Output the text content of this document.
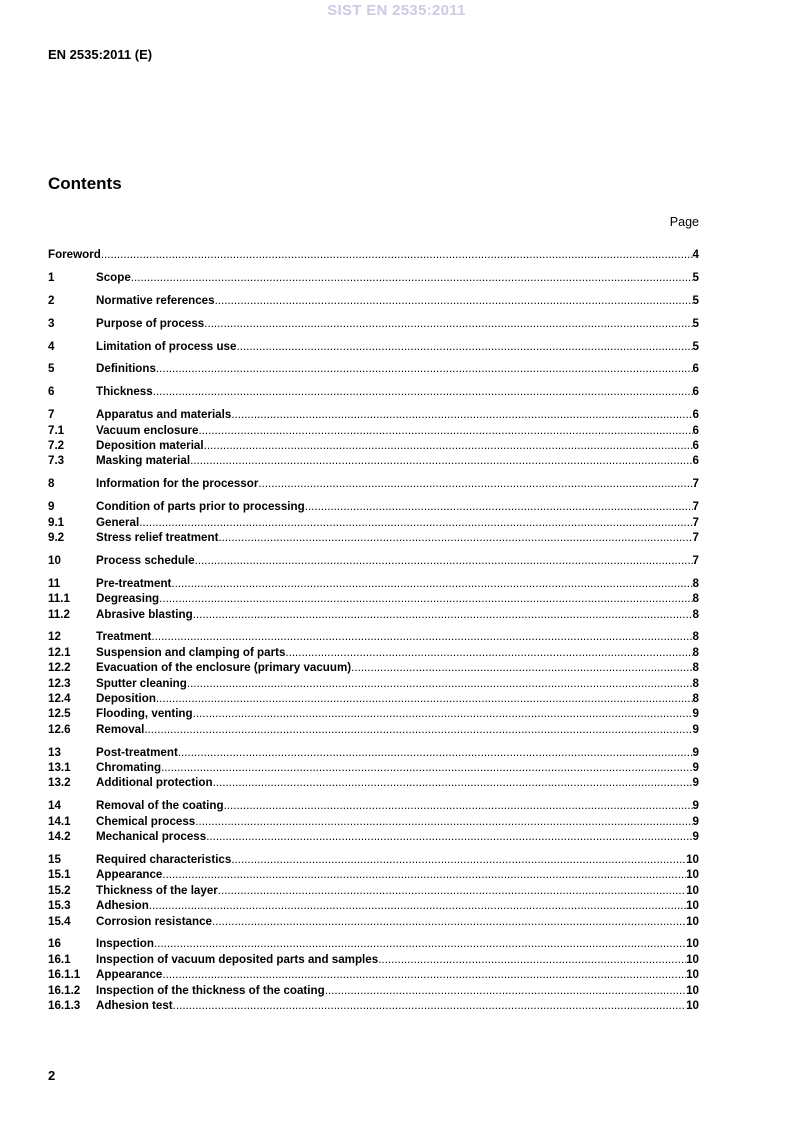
SIST EN 2535:2011
EN 2535:2011 (E)
Contents
Page
Foreword .....	4
1	Scope .....	5
2	Normative references .....	5
3	Purpose of process .....	5
4	Limitation of process use .....	5
5	Definitions .....	6
6	Thickness .....	6
7	Apparatus and materials .....	6
7.1	Vacuum enclosure .....	6
7.2	Deposition material .....	6
7.3	Masking material .....	6
8	Information for the processor .....	7
9	Condition of parts prior to processing .....	7
9.1	General .....	7
9.2	Stress relief treatment .....	7
10	Process schedule .....	7
11	Pre-treatment .....	8
11.1	Degreasing .....	8
11.2	Abrasive blasting .....	8
12	Treatment .....	8
12.1	Suspension and clamping of parts .....	8
12.2	Evacuation of the enclosure (primary vacuum) .....	8
12.3	Sputter cleaning .....	8
12.4	Deposition .....	8
12.5	Flooding, venting .....	9
12.6	Removal .....	9
13	Post-treatment .....	9
13.1	Chromating .....	9
13.2	Additional protection .....	9
14	Removal of the coating .....	9
14.1	Chemical process .....	9
14.2	Mechanical process .....	9
15	Required characteristics .....	10
15.1	Appearance .....	10
15.2	Thickness of the layer .....	10
15.3	Adhesion .....	10
15.4	Corrosion resistance .....	10
16	Inspection .....	10
16.1	Inspection of vacuum deposited parts and samples .....	10
16.1.1	Appearance .....	10
16.1.2	Inspection of the thickness of the coating .....	10
16.1.3	Adhesion test .....	10
2
